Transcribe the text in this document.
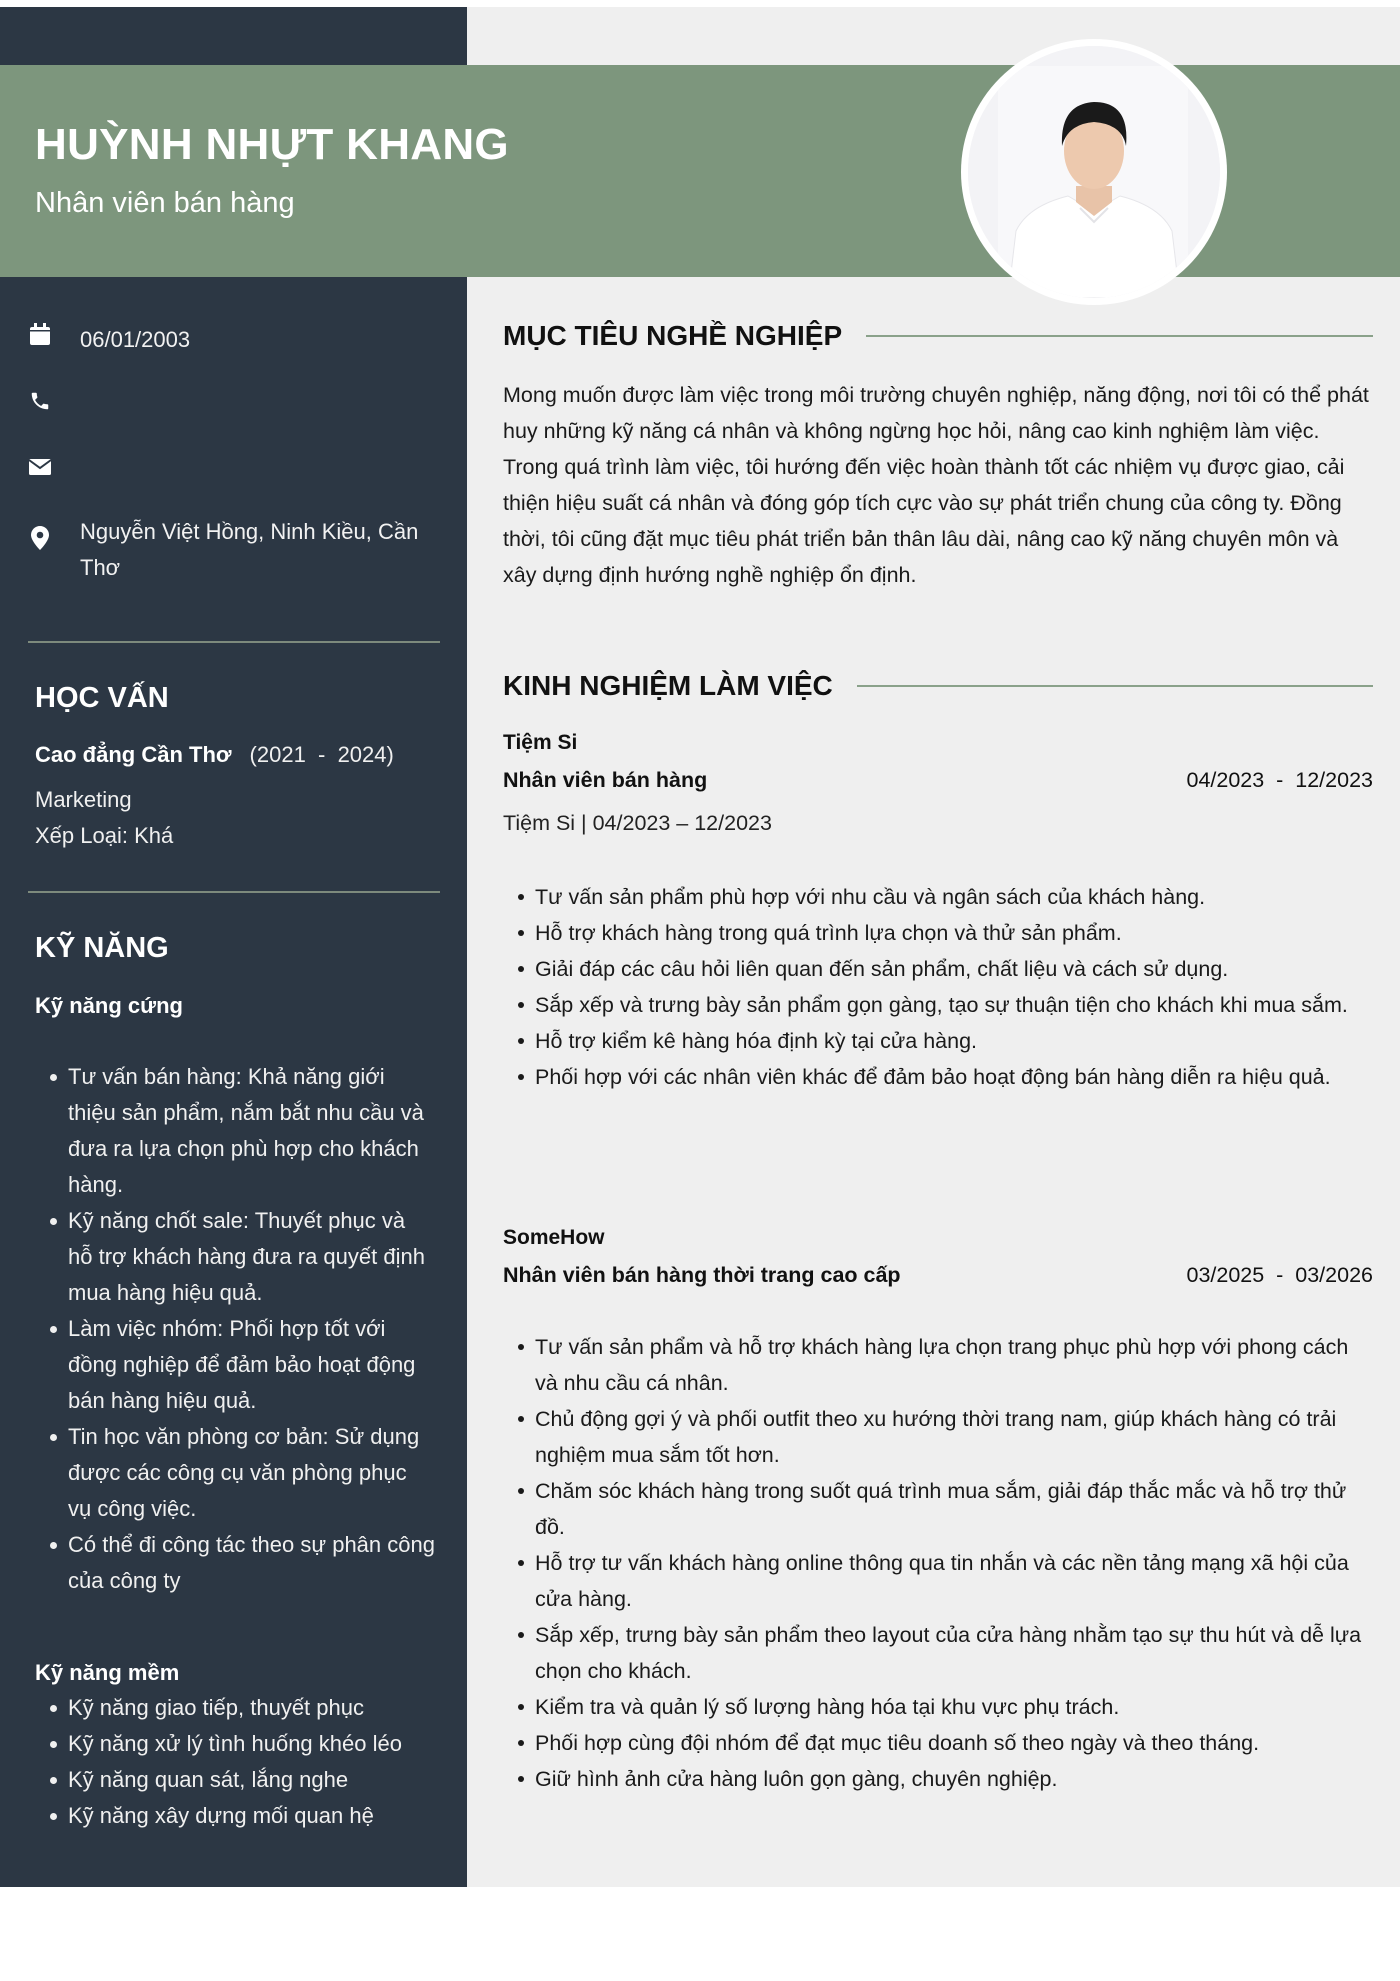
HUỲNH NHỰT KHANG
Nhân viên bán hàng
06/01/2003
Nguyễn Việt Hồng, Ninh Kiều, Cần Thơ
HỌC VẤN
Cao đẳng Cần Thơ (2021  -  2024)
Marketing
Xếp Loại: Khá
KỸ NĂNG
Kỹ năng cứng
Tư vấn bán hàng: Khả năng giới thiệu sản phẩm, nắm bắt nhu cầu và đưa ra lựa chọn phù hợp cho khách hàng.
Kỹ năng chốt sale: Thuyết phục và hỗ trợ khách hàng đưa ra quyết định mua hàng hiệu quả.
Làm việc nhóm: Phối hợp tốt với đồng nghiệp để đảm bảo hoạt động bán hàng hiệu quả.
Tin học văn phòng cơ bản: Sử dụng được các công cụ văn phòng phục vụ công việc.
Có thể đi công tác theo sự phân công của công ty
Kỹ năng mềm
Kỹ năng giao tiếp, thuyết phục
Kỹ năng xử lý tình huống khéo léo
Kỹ năng quan sát, lắng nghe
Kỹ năng xây dựng mối quan hệ
MỤC TIÊU NGHỀ NGHIỆP

Mong muốn được làm việc trong môi trường chuyên nghiệp, năng động, nơi tôi có thể phát huy những kỹ năng cá nhân và không ngừng học hỏi, nâng cao kinh nghiệm làm việc. Trong quá trình làm việc, tôi hướng đến việc hoàn thành tốt các nhiệm vụ được giao, cải thiện hiệu suất cá nhân và đóng góp tích cực vào sự phát triển chung của công ty. Đồng thời, tôi cũng đặt mục tiêu phát triển bản thân lâu dài, nâng cao kỹ năng chuyên môn và xây dựng định hướng nghề nghiệp ổn định.

KINH NGHIỆM LÀM VIỆC
Tiệm Si
Nhân viên bán hàng	04/2023  -  12/2023
Tiệm Si | 04/2023 – 12/2023
Tư vấn sản phẩm phù hợp với nhu cầu và ngân sách của khách hàng.
Hỗ trợ khách hàng trong quá trình lựa chọn và thử sản phẩm.
Giải đáp các câu hỏi liên quan đến sản phẩm, chất liệu và cách sử dụng.
Sắp xếp và trưng bày sản phẩm gọn gàng, tạo sự thuận tiện cho khách khi mua sắm.
Hỗ trợ kiểm kê hàng hóa định kỳ tại cửa hàng.
Phối hợp với các nhân viên khác để đảm bảo hoạt động bán hàng diễn ra hiệu quả.
SomeHow
Nhân viên bán hàng thời trang cao cấp	03/2025  -  03/2026
Tư vấn sản phẩm và hỗ trợ khách hàng lựa chọn trang phục phù hợp với phong cách và nhu cầu cá nhân.
Chủ động gợi ý và phối outfit theo xu hướng thời trang nam, giúp khách hàng có trải nghiệm mua sắm tốt hơn.
Chăm sóc khách hàng trong suốt quá trình mua sắm, giải đáp thắc mắc và hỗ trợ thử đồ.
Hỗ trợ tư vấn khách hàng online thông qua tin nhắn và các nền tảng mạng xã hội của cửa hàng.
Sắp xếp, trưng bày sản phẩm theo layout của cửa hàng nhằm tạo sự thu hút và dễ lựa chọn cho khách.
Kiểm tra và quản lý số lượng hàng hóa tại khu vực phụ trách.
Phối hợp cùng đội nhóm để đạt mục tiêu doanh số theo ngày và theo tháng.
Giữ hình ảnh cửa hàng luôn gọn gàng, chuyên nghiệp.
